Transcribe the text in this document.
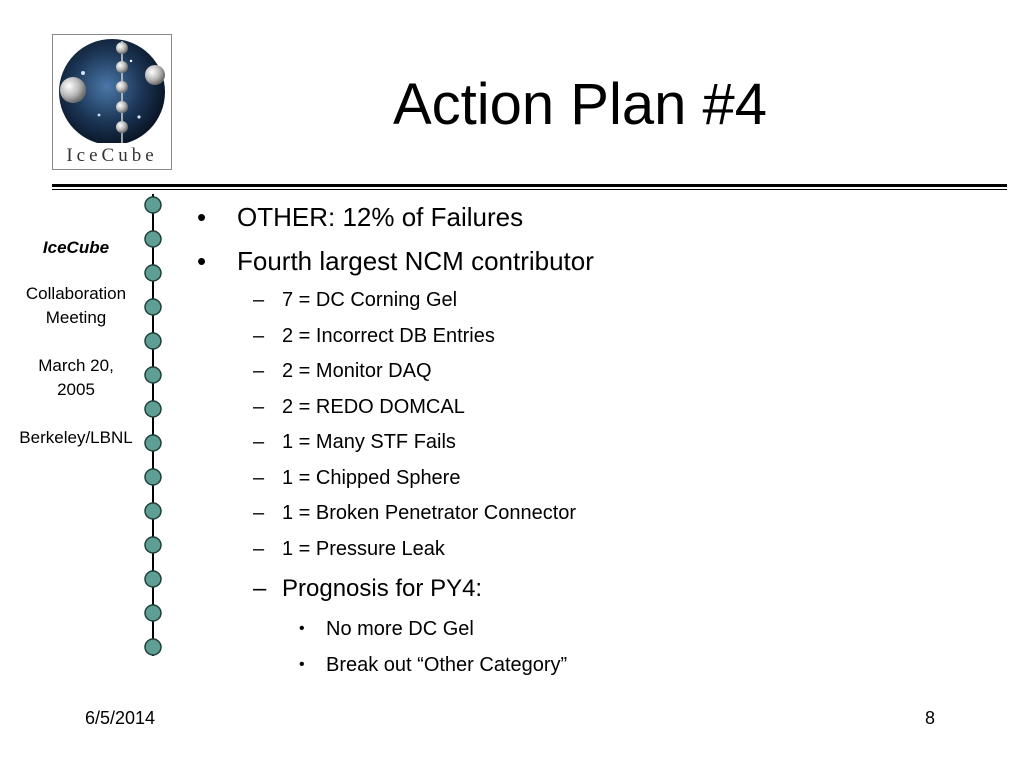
IceCube
Action Plan #4
IceCube
Collaboration
Meeting
March 20,
2005
Berkeley/LBNL
• OTHER: 12% of Failures
• Fourth largest NCM contributor
– 7 = DC Corning Gel
– 2 = Incorrect DB Entries
– 2 = Monitor DAQ
– 2 = REDO DOMCAL
– 1 = Many STF Fails
– 1 = Chipped Sphere
– 1 = Broken Penetrator Connector
– 1 = Pressure Leak
– Prognosis for PY4:
• No more DC Gel
• Break out “Other Category”
6/5/2014	8
